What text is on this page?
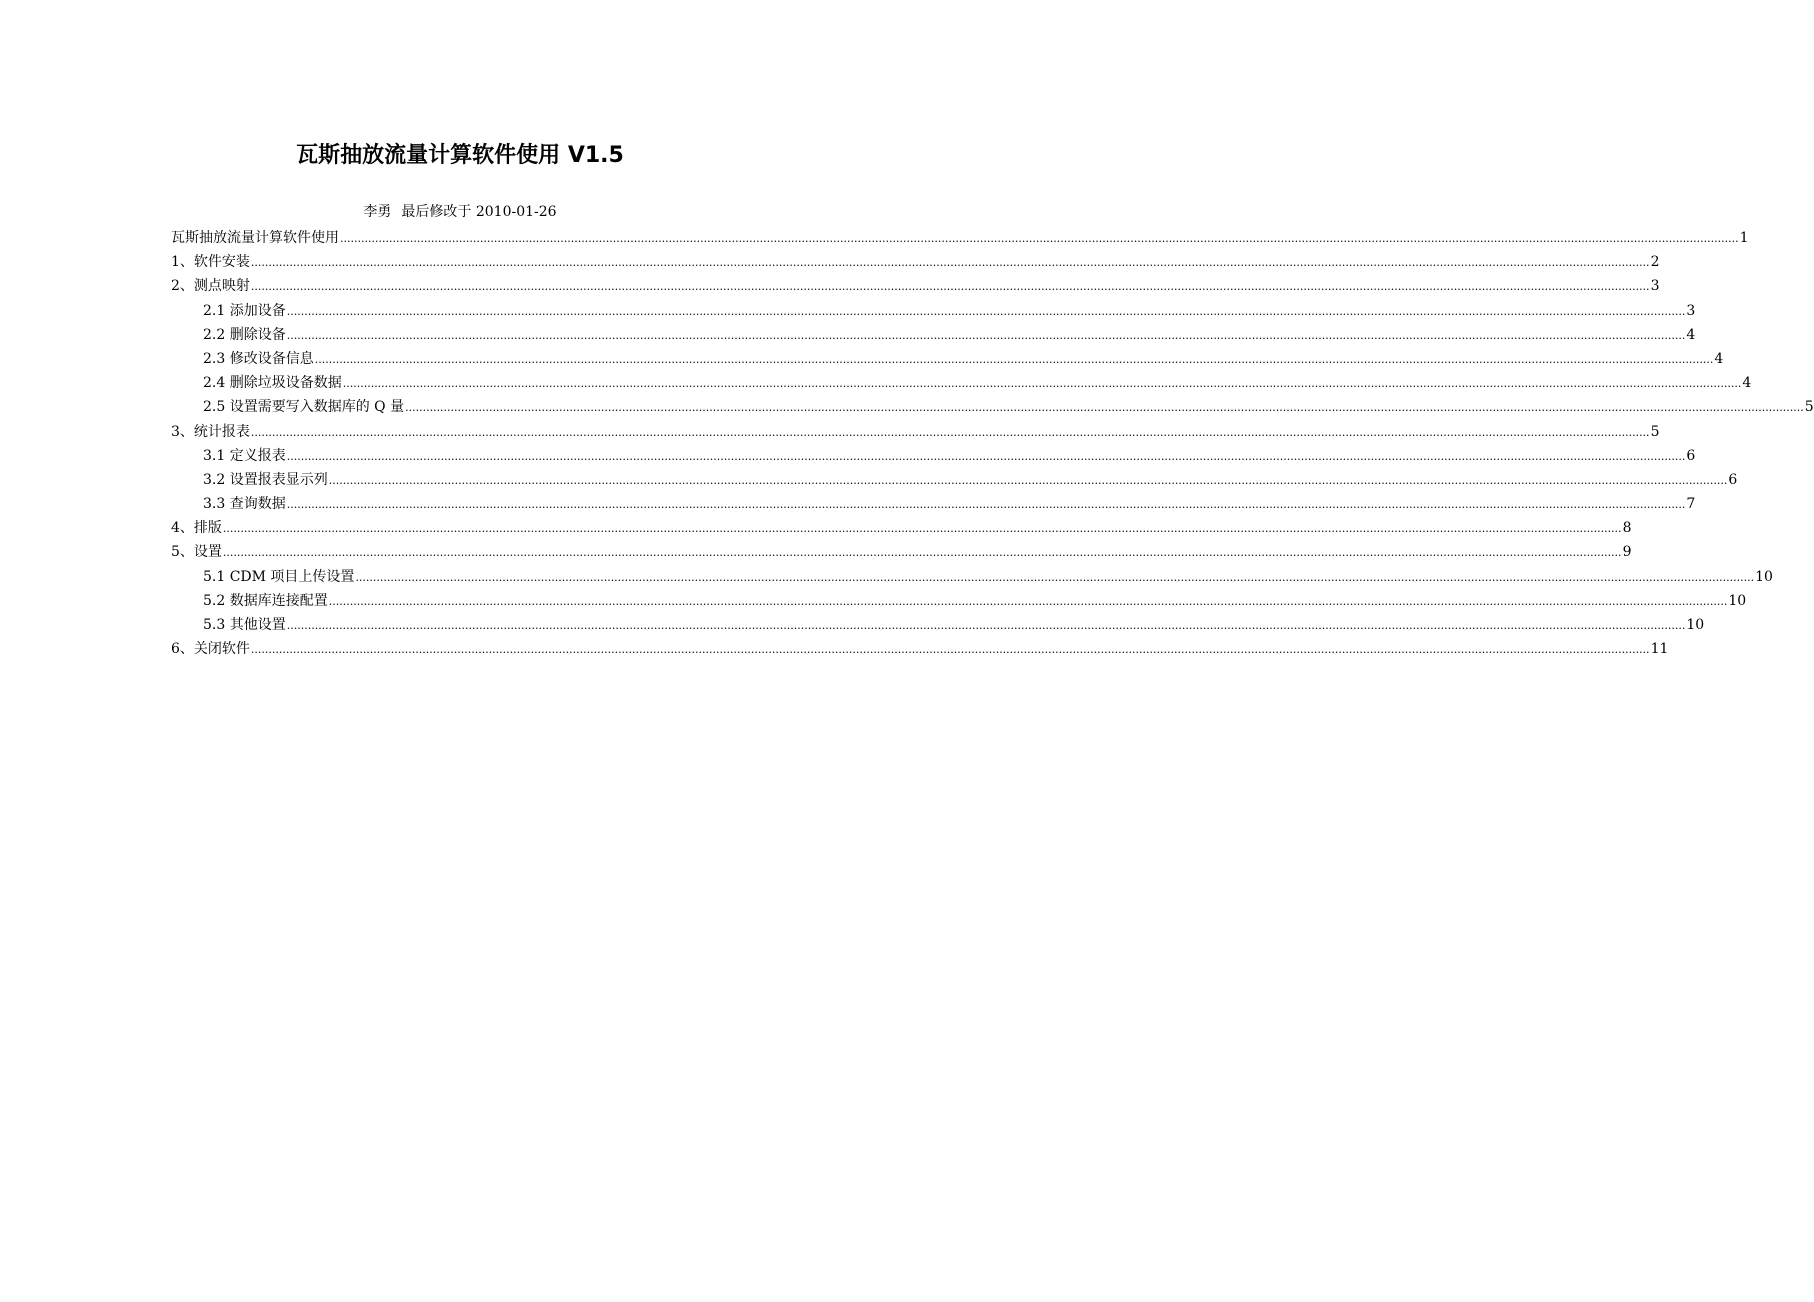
瓦斯抽放流量计算软件使用 V1.5
李勇 最后修改于 2010-01-26
瓦斯抽放流量计算软件使用 ................................................................................................................................................................................................................................................................................................................................................................................................................ 1
1、软件安装 ................................................................................................................................................................................................................................................................................................................................................................................................................ 2
2、测点映射 ................................................................................................................................................................................................................................................................................................................................................................................................................ 3
2.1 添加设备 ................................................................................................................................................................................................................................................................................................................................................................................................................ 3
2.2 删除设备 ................................................................................................................................................................................................................................................................................................................................................................................................................ 4
2.3 修改设备信息 ................................................................................................................................................................................................................................................................................................................................................................................................................ 4
2.4 删除垃圾设备数据 ................................................................................................................................................................................................................................................................................................................................................................................................................ 4
2.5 设置需要写入数据库的 Q 量 ................................................................................................................................................................................................................................................................................................................................................................................................................ 5
3、统计报表 ................................................................................................................................................................................................................................................................................................................................................................................................................ 5
3.1 定义报表 ................................................................................................................................................................................................................................................................................................................................................................................................................ 6
3.2 设置报表显示列 ................................................................................................................................................................................................................................................................................................................................................................................................................ 6
3.3 查询数据 ................................................................................................................................................................................................................................................................................................................................................................................................................ 7
4、排版 ................................................................................................................................................................................................................................................................................................................................................................................................................ 8
5、设置 ................................................................................................................................................................................................................................................................................................................................................................................................................ 9
5.1 CDM 项目上传设置 ................................................................................................................................................................................................................................................................................................................................................................................................................ 10
5.2 数据库连接配置 ................................................................................................................................................................................................................................................................................................................................................................................................................ 10
5.3 其他设置 ................................................................................................................................................................................................................................................................................................................................................................................................................ 10
6、关闭软件 ................................................................................................................................................................................................................................................................................................................................................................................................................ 11
